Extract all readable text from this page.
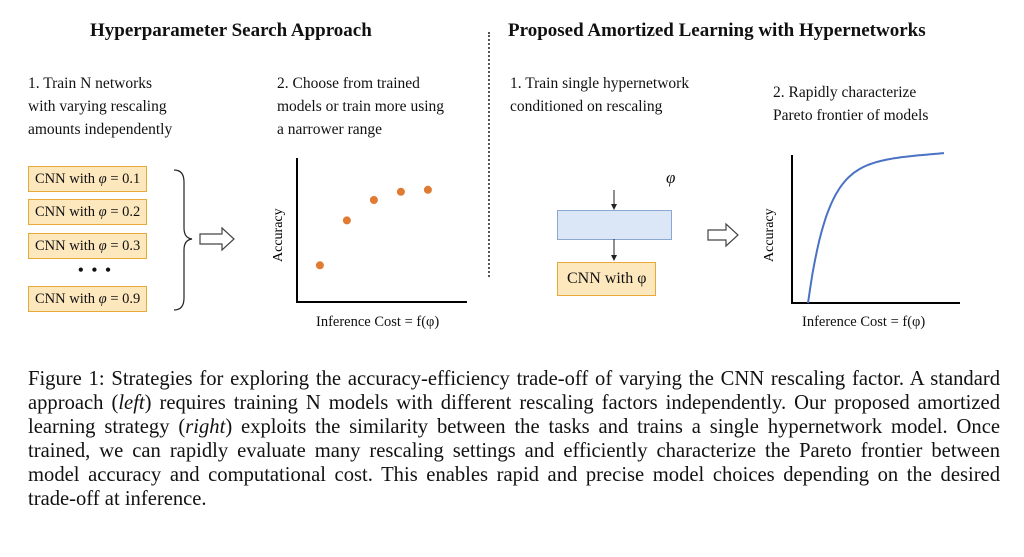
Hyperparameter Search Approach	Proposed Amortized Learning with Hypernetworks
1. Train N networks
with varying rescaling
amounts independently
2. Choose from trained
models or train more using
a narrower range
CNN with φ = 0.1
CNN with φ = 0.2
CNN with φ = 0.3
• • •
CNN with φ = 0.9
Accuracy
Inference Cost = f(φ)
1. Train single hypernetwork
conditioned on rescaling
2. Rapidly characterize
Pareto frontier of models
φ
CNN with φ
Accuracy
Inference Cost = f(φ)
Figure 1: Strategies for exploring the accuracy-efficiency trade-off of varying the CNN rescaling factor. A standard approach (left) requires training N models with different rescaling factors independently. Our proposed amortized learning strategy (right) exploits the similarity between the tasks and trains a single hypernetwork model. Once trained, we can rapidly evaluate many rescaling settings and efficiently characterize the Pareto frontier between model accuracy and computational cost. This enables rapid and precise model choices depending on the desired trade-off at inference.
